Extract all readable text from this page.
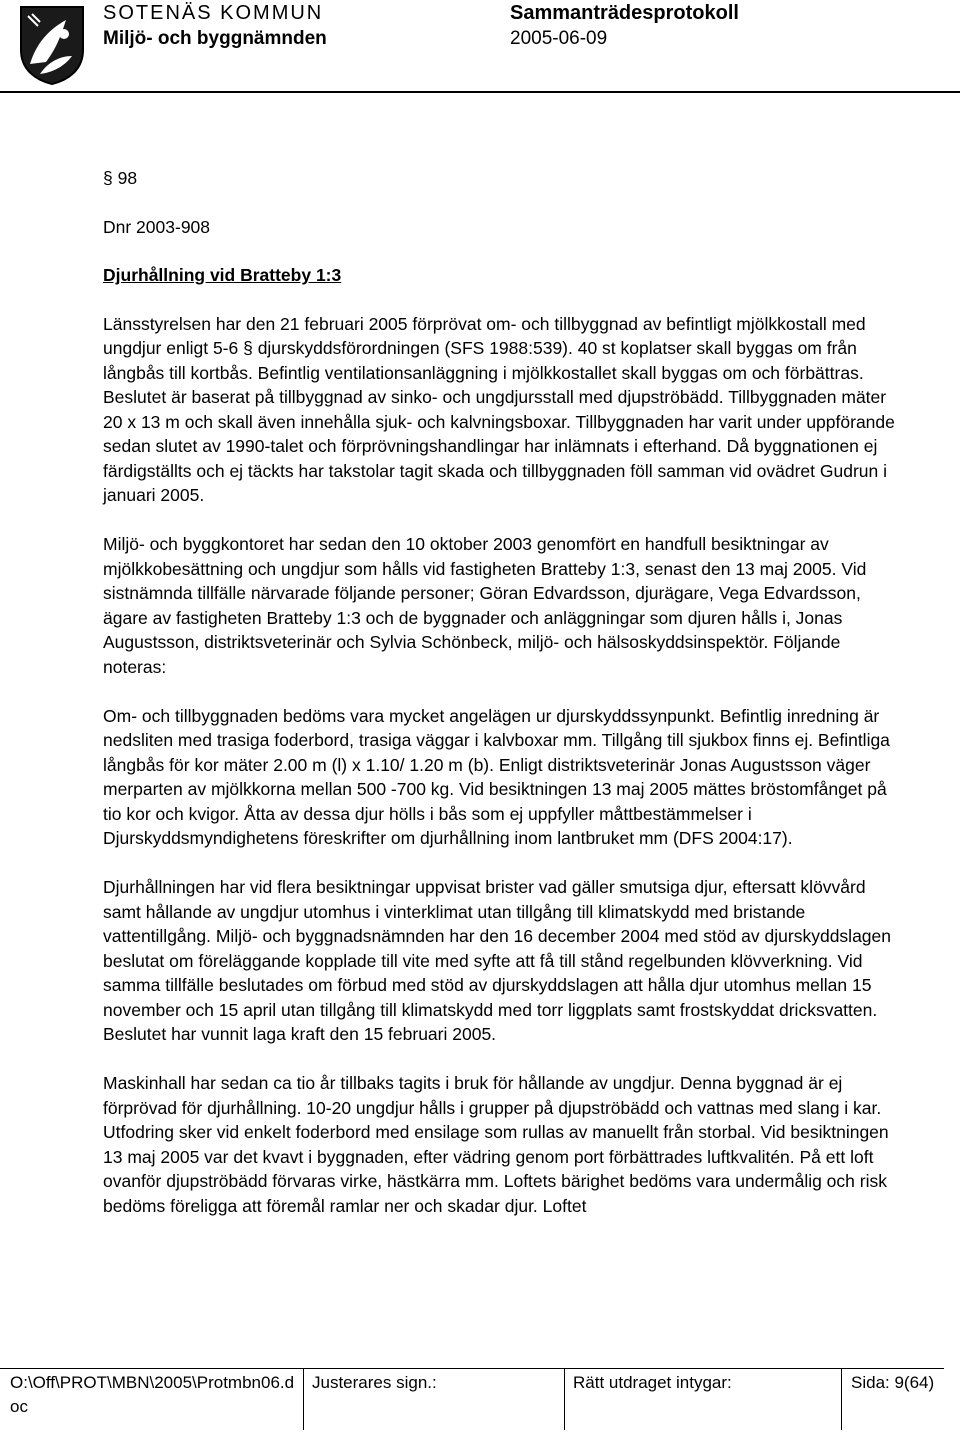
SOTENÄS KOMMUN
Miljö- och byggnämnden
Sammanträdesprotokoll
2005-06-09
§ 98
Dnr 2003-908
Djurhållning vid Bratteby 1:3

Länsstyrelsen har den 21 februari 2005 förprövat om- och tillbyggnad av befintligt mjölkkostall med ungdjur enligt 5-6 § djurskyddsförordningen (SFS 1988:539). 40 st koplatser skall byggas om från långbås till kortbås. Befintlig ventilationsanläggning i mjölkkostallet skall byggas om och förbättras. Beslutet är baserat på tillbyggnad av sinko- och ungdjursstall med djupströbädd. Tillbyggnaden mäter 20 x 13 m och skall även innehålla sjuk- och kalvningsboxar. Tillbyggnaden har varit under uppförande sedan slutet av 1990-talet och förprövningshandlingar har inlämnats i efterhand. Då byggnationen ej färdigställts och ej täckts har takstolar tagit skada och tillbyggnaden föll samman vid ovädret Gudrun i januari 2005.

Miljö- och byggkontoret har sedan den 10 oktober 2003 genomfört en handfull besiktningar av mjölkkobesättning och ungdjur som hålls vid fastigheten Bratteby 1:3, senast den 13 maj 2005. Vid sistnämnda tillfälle närvarade följande personer; Göran Edvardsson, djurägare, Vega Edvardsson, ägare av fastigheten Bratteby 1:3 och de byggnader och anläggningar som djuren hålls i, Jonas Augustsson, distriktsveterinär och Sylvia Schönbeck, miljö- och hälsoskyddsinspektör. Följande noteras:

Om- och tillbyggnaden bedöms vara mycket angelägen ur djurskyddssynpunkt. Befintlig inredning är nedsliten med trasiga foderbord, trasiga väggar i kalvboxar mm. Tillgång till sjukbox finns ej. Befintliga långbås för kor mäter 2.00 m (l) x 1.10/ 1.20 m (b). Enligt distriktsveterinär Jonas Augustsson väger merparten av mjölkkorna mellan 500 -700 kg. Vid besiktningen 13 maj 2005 mättes bröstomfånget på tio kor och kvigor. Åtta av dessa djur hölls i bås som ej uppfyller måttbestämmelser i Djurskyddsmyndighetens föreskrifter om djurhållning inom lantbruket mm (DFS 2004:17).

Djurhållningen har vid flera besiktningar uppvisat brister vad gäller smutsiga djur, eftersatt klövvård samt hållande av ungdjur utomhus i vinterklimat utan tillgång till klimatskydd med bristande vattentillgång. Miljö- och byggnadsnämnden har den 16 december 2004 med stöd av djurskyddslagen beslutat om föreläggande kopplade till vite med syfte att få till stånd regelbunden klövverkning. Vid samma tillfälle beslutades om förbud med stöd av djurskyddslagen att hålla djur utomhus mellan 15 november och 15 april utan tillgång till klimatskydd med torr liggplats samt frostskyddat dricksvatten. Beslutet har vunnit laga kraft den 15 februari 2005.

Maskinhall har sedan ca tio år tillbaks tagits i bruk för hållande av ungdjur. Denna byggnad är ej förprövad för djurhållning. 10-20 ungdjur hålls i grupper på djupströbädd och vattnas med slang i kar. Utfodring sker vid enkelt foderbord med ensilage som rullas av manuellt från storbal. Vid besiktningen 13 maj 2005 var det kvavt i byggnaden, efter vädring genom port förbättrades luftkvalitén. På ett loft ovanför djupströbädd förvaras virke, hästkärra mm. Loftets bärighet bedöms vara undermålig och risk bedöms föreligga att föremål ramlar ner och skadar djur. Loftet

O:\Off\PROT\MBN\2005\Protmbn06.doc
Justerares sign.:	Rätt utdraget intygar:	Sida: 9(64)
